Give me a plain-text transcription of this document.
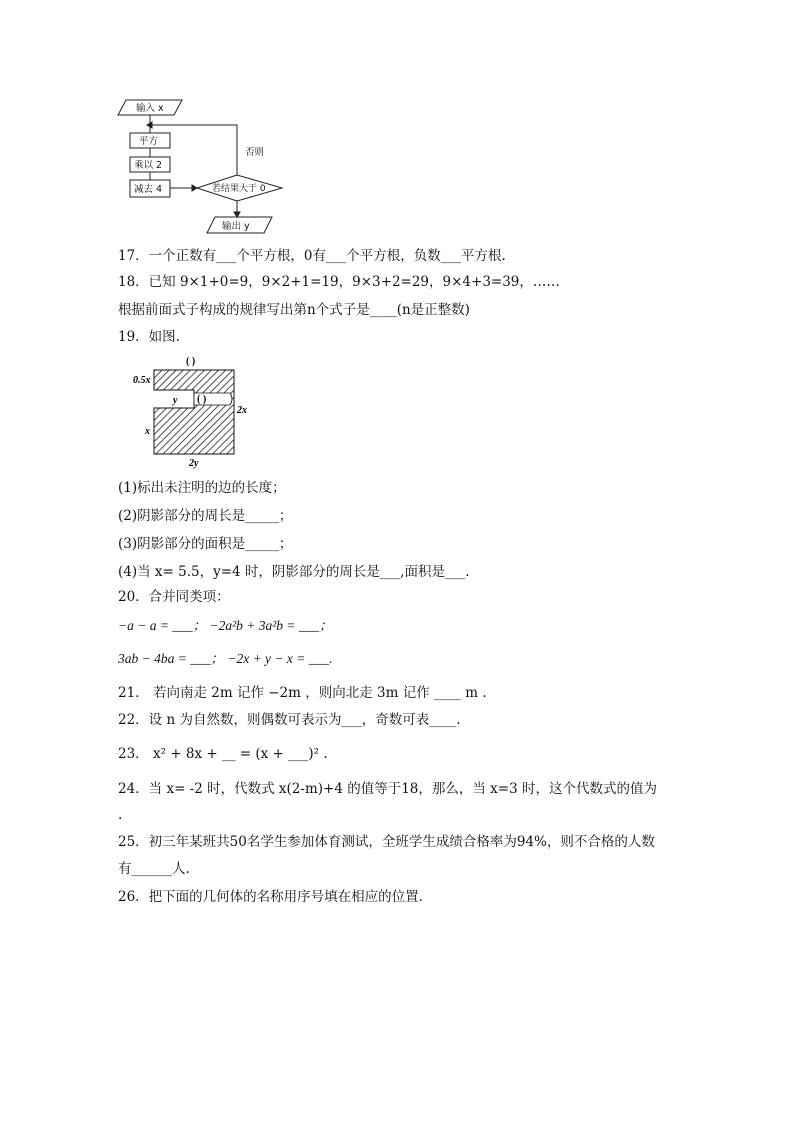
输入 x
平方
乘以 2
减去 4	若结果大于 0
否则
输出 y
17．一个正数有___个平方根，0有___个平方根，负数___平方根.
18．已知 9×1+0=9，9×2+1=19，9×3+2=29，9×4+3=39，……
根据前面式子构成的规律写出第n个式子是____(n是正整数)
19．如图.
( )
0.5x
y ( )
2x
x
2y
(1)标出未注明的边的长度；
(2)阴影部分的周长是_____；
(3)阴影部分的面积是_____；
(4)当 x= 5.5，y=4 时，阴影部分的周长是___,面积是___.
20．合并同类项：
−a − a = ___； −2a²b + 3a²b = ___；
3ab − 4ba = ___； −2x + y − x = ___.
21． 若向南走 2m 记作 −2m ，则向北走 3m 记作 ____ m .
22．设 n 为自然数，则偶数可表示为___，奇数可表____.
23． x² + 8x + __ = (x + ___)² .
24．当 x= -2 时，代数式 x(2-m)+4 的值等于18，那么，当 x=3 时，这个代数式的值为
.
25．初三年某班共50名学生参加体育测试，全班学生成绩合格率为94%，则不合格的人数
有______人.
26．把下面的几何体的名称用序号填在相应的位置.
